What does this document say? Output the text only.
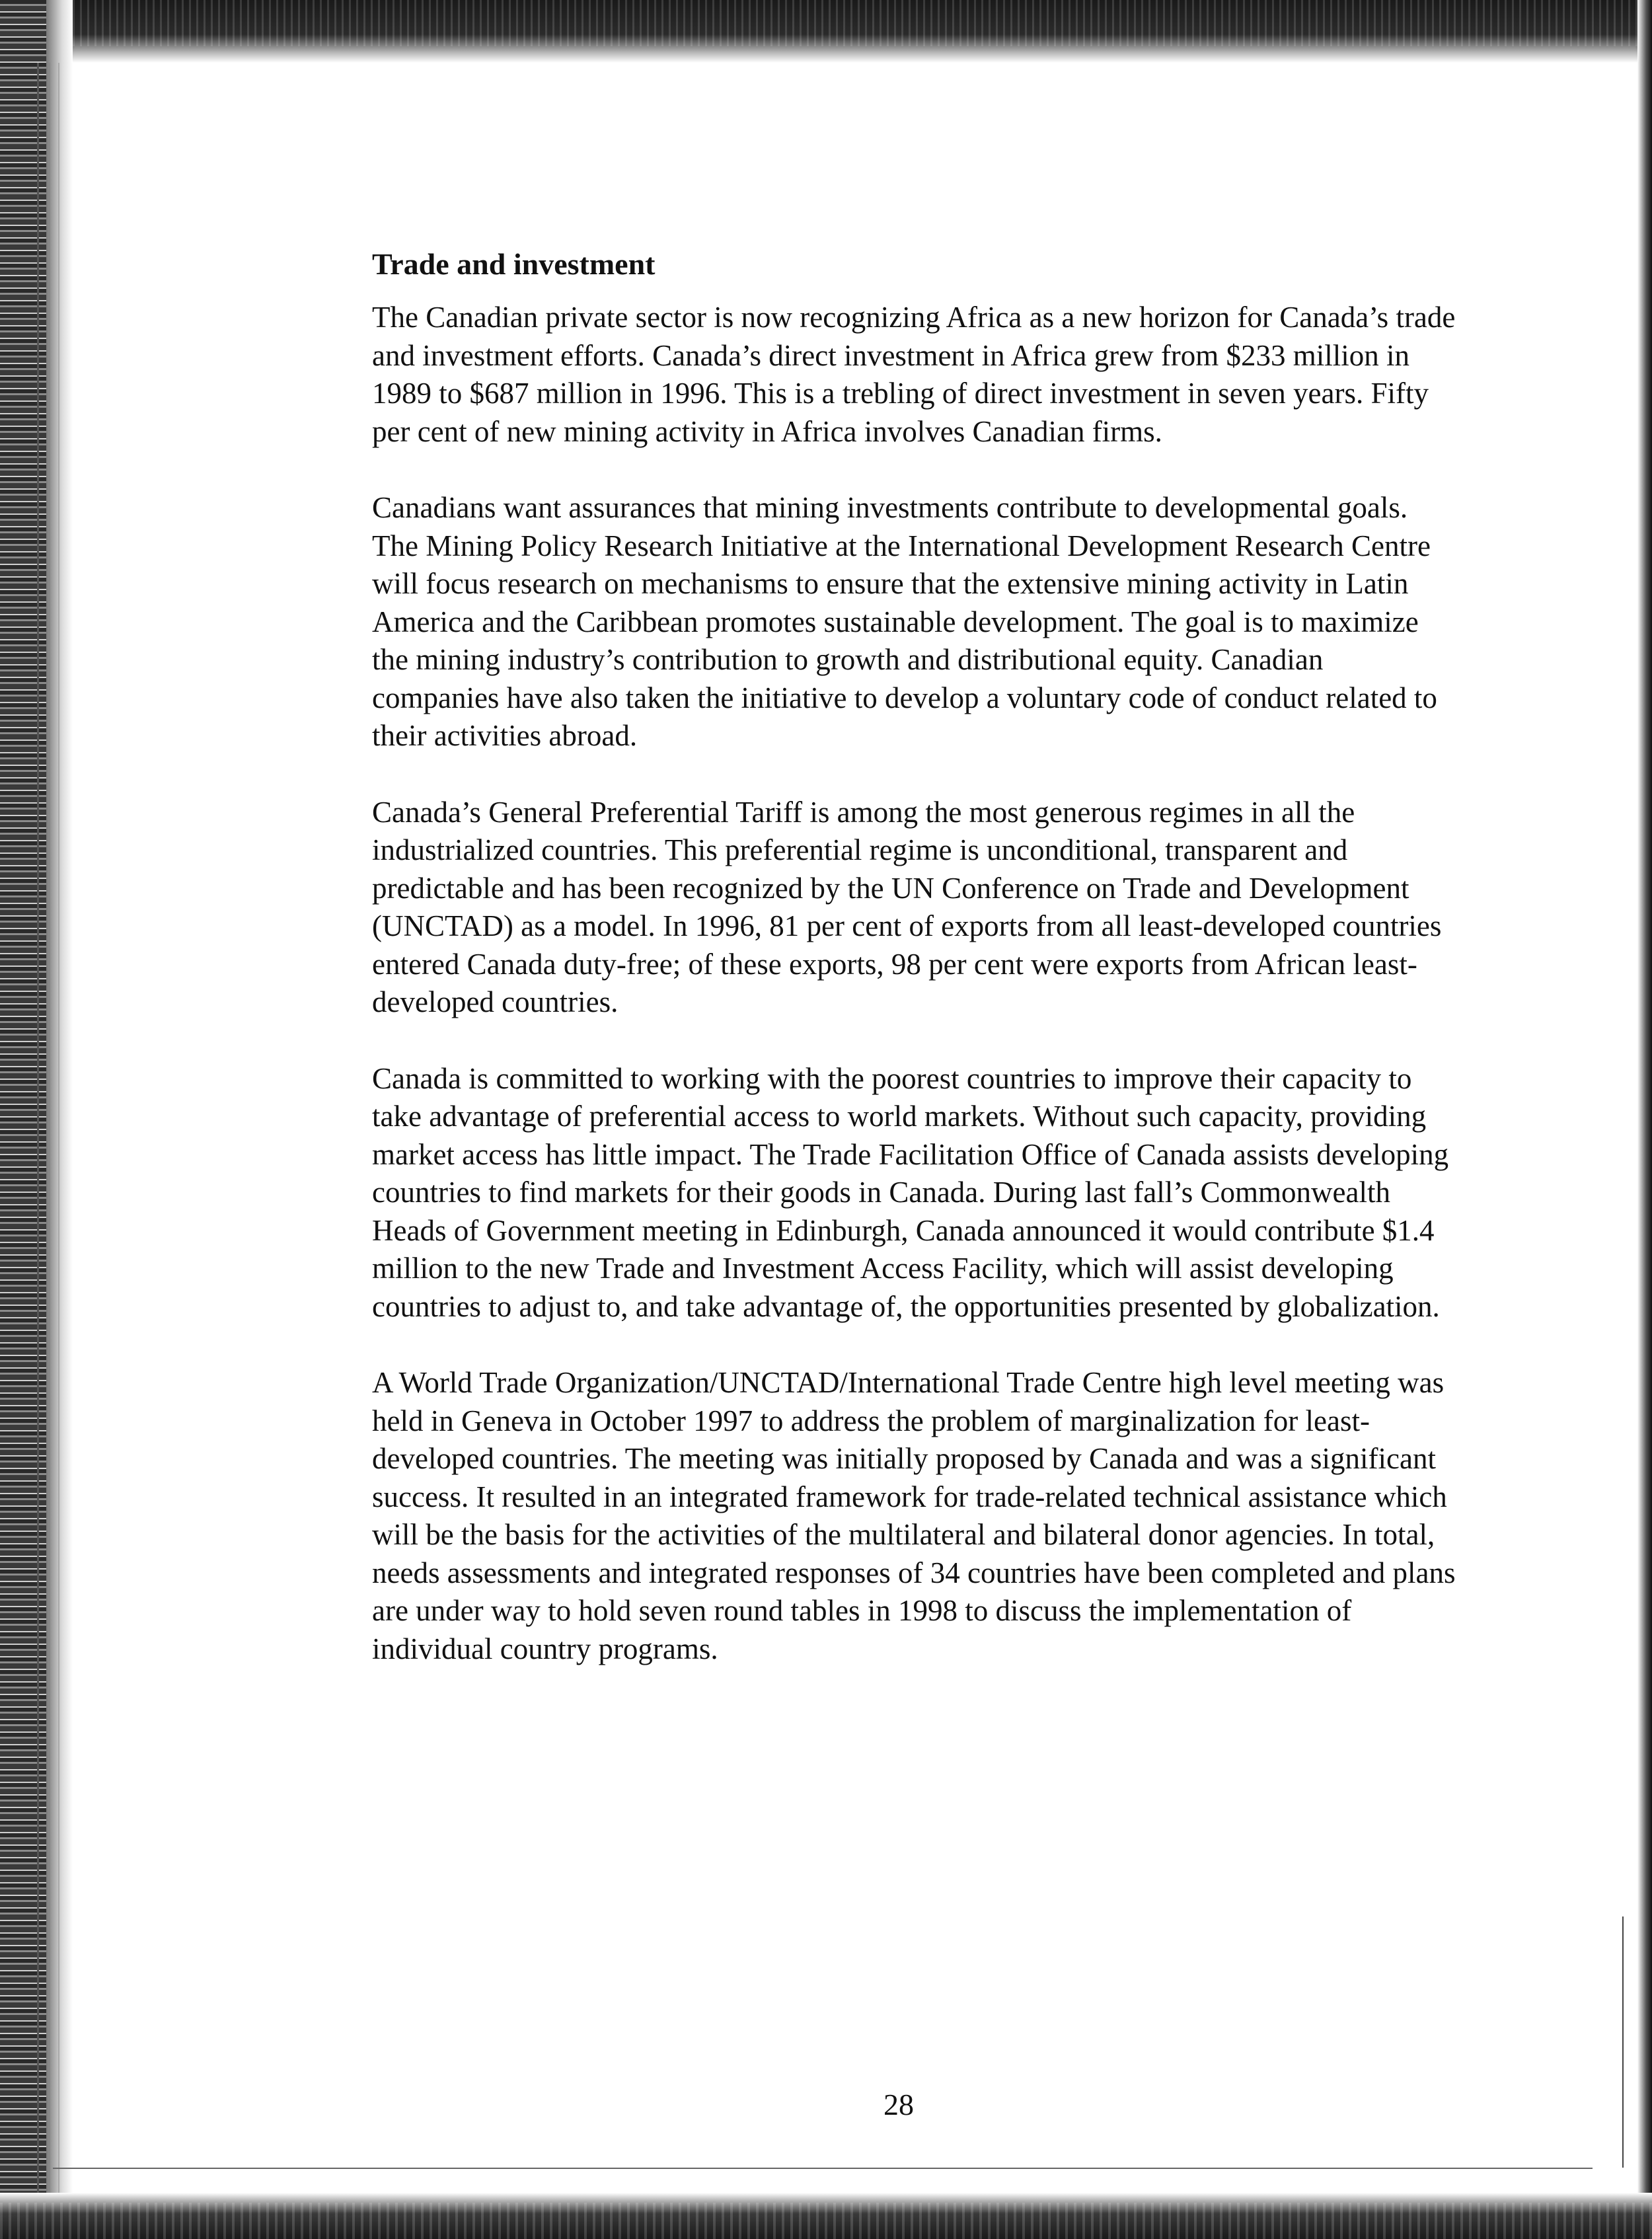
Trade and investment

The Canadian private sector is now recognizing Africa as a new horizon for Canada’s trade and investment efforts. Canada’s direct investment in Africa grew from $233 million in 1989 to $687 million in 1996. This is a trebling of direct investment in seven years. Fifty per cent of new mining activity in Africa involves Canadian firms.

Canadians want assurances that mining investments contribute to developmental goals. The Mining Policy Research Initiative at the International Development Research Centre will focus research on mechanisms to ensure that the extensive mining activity in Latin America and the Caribbean promotes sustainable development. The goal is to maximize the mining industry’s contribution to growth and distributional equity. Canadian companies have also taken the initiative to develop a voluntary code of conduct related to their activities abroad.

Canada’s General Preferential Tariff is among the most generous regimes in all the industrialized countries. This preferential regime is unconditional, transparent and predictable and has been recognized by the UN Conference on Trade and Development (UNCTAD) as a model. In 1996, 81 per cent of exports from all least-developed countries entered Canada duty-free; of these exports, 98 per cent were exports from African least-developed countries.

Canada is committed to working with the poorest countries to improve their capacity to take advantage of preferential access to world markets. Without such capacity, providing market access has little impact. The Trade Facilitation Office of Canada assists developing countries to find markets for their goods in Canada. During last fall’s Commonwealth Heads of Government meeting in Edinburgh, Canada announced it would contribute $1.4 million to the new Trade and Investment Access Facility, which will assist developing countries to adjust to, and take advantage of, the opportunities presented by globalization.

A World Trade Organization/UNCTAD/International Trade Centre high level meeting was held in Geneva in October 1997 to address the problem of marginalization for least-developed countries. The meeting was initially proposed by Canada and was a significant success. It resulted in an integrated framework for trade-related technical assistance which will be the basis for the activities of the multilateral and bilateral donor agencies. In total, needs assessments and integrated responses of 34 countries have been completed and plans are under way to hold seven round tables in 1998 to discuss the implementation of individual country programs.

28
